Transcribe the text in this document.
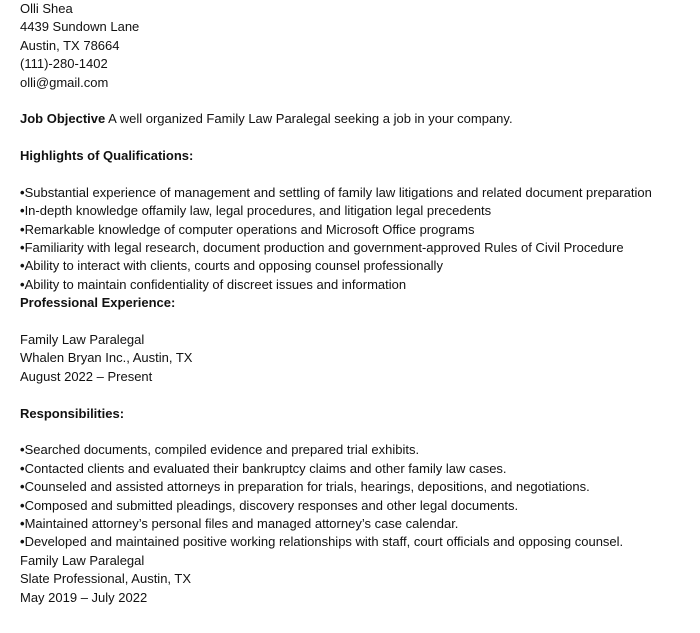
Olli Shea
4439 Sundown Lane
Austin, TX 78664
(111)-280-1402
olli@gmail.com
Job Objective A well organized Family Law Paralegal seeking a job in your company.
Highlights of Qualifications:
• Substantial experience of management and settling of family law litigations and related document preparation
• In-depth knowledge offamily law, legal procedures, and litigation legal precedents
• Remarkable knowledge of computer operations and Microsoft Office programs
• Familiarity with legal research, document production and government-approved Rules of Civil Procedure
• Ability to interact with clients, courts and opposing counsel professionally
• Ability to maintain confidentiality of discreet issues and information
Professional Experience:
Family Law Paralegal
Whalen Bryan Inc., Austin, TX
August 2022 – Present
Responsibilities:
• Searched documents, compiled evidence and prepared trial exhibits.
• Contacted clients and evaluated their bankruptcy claims and other family law cases.
• Counseled and assisted attorneys in preparation for trials, hearings, depositions, and negotiations.
• Composed and submitted pleadings, discovery responses and other legal documents.
• Maintained attorney’s personal files and managed attorney’s case calendar.
• Developed and maintained positive working relationships with staff, court officials and opposing counsel.
Family Law Paralegal
Slate Professional, Austin, TX
May 2019 – July 2022
